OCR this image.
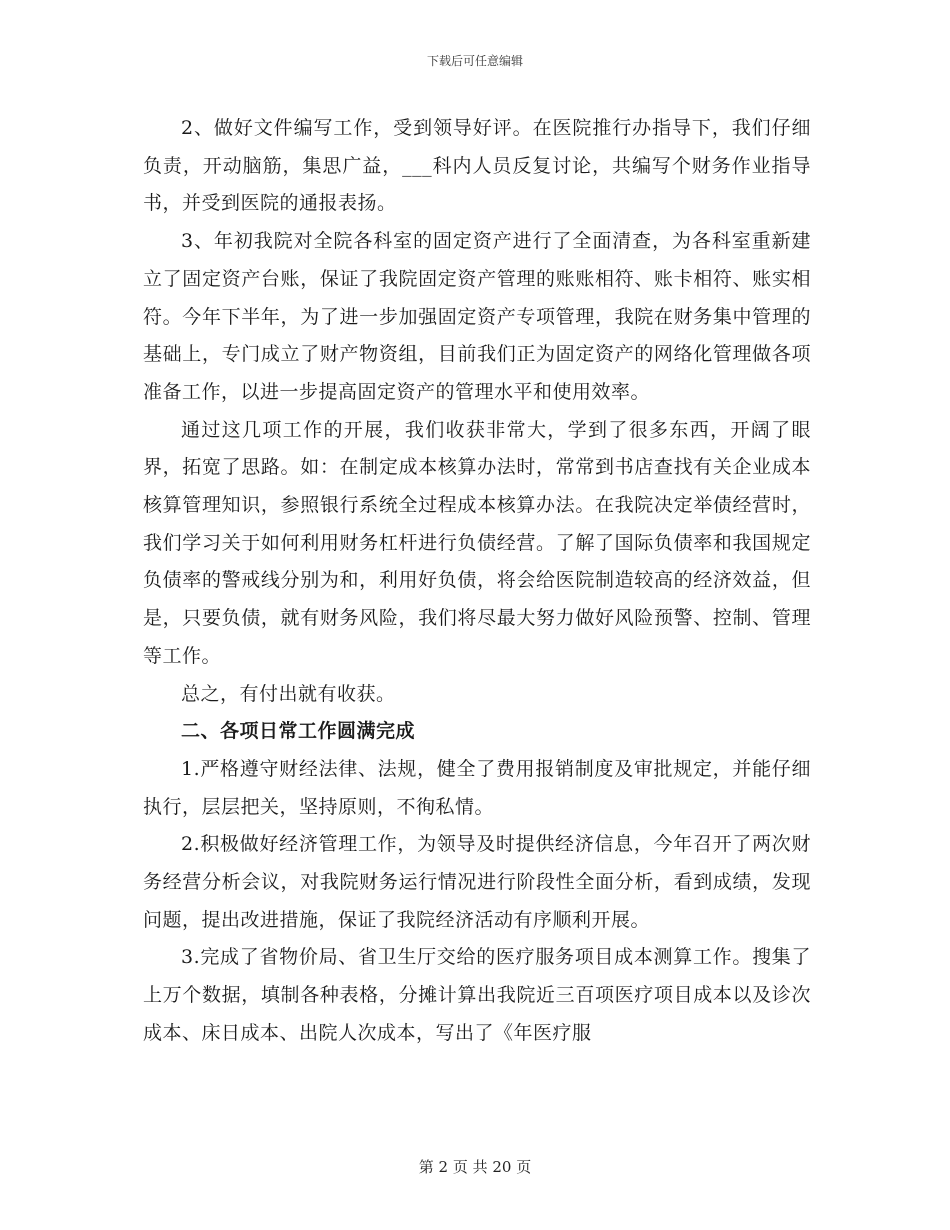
下载后可任意编辑

2、做好文件编写工作，受到领导好评。在医院推行办指导下，我们仔细负责，开动脑筋，集思广益，___科内人员反复讨论，共编写个财务作业指导书，并受到医院的通报表扬。

3、年初我院对全院各科室的固定资产进行了全面清查，为各科室重新建立了固定资产台账，保证了我院固定资产管理的账账相符、账卡相符、账实相符。今年下半年，为了进一步加强固定资产专项管理，我院在财务集中管理的基础上，专门成立了财产物资组，目前我们正为固定资产的网络化管理做各项准备工作，以进一步提高固定资产的管理水平和使用效率。

通过这几项工作的开展，我们收获非常大，学到了很多东西，开阔了眼界，拓宽了思路。如：在制定成本核算办法时，常常到书店查找有关企业成本核算管理知识，参照银行系统全过程成本核算办法。在我院决定举债经营时，我们学习关于如何利用财务杠杆进行负债经营。了解了国际负债率和我国规定负债率的警戒线分别为和，利用好负债，将会给医院制造较高的经济效益，但是，只要负债，就有财务风险，我们将尽最大努力做好风险预警、控制、管理等工作。

总之，有付出就有收获。

二、各项日常工作圆满完成

1.严格遵守财经法律、法规，健全了费用报销制度及审批规定，并能仔细执行，层层把关，坚持原则，不徇私情。

2.积极做好经济管理工作，为领导及时提供经济信息，今年召开了两次财务经营分析会议，对我院财务运行情况进行阶段性全面分析，看到成绩，发现问题，提出改进措施，保证了我院经济活动有序顺利开展。

3.完成了省物价局、省卫生厅交给的医疗服务项目成本测算工作。搜集了上万个数据，填制各种表格，分摊计算出我院近三百项医疗项目成本以及诊次成本、床日成本、出院人次成本，写出了《年医疗服

第 2 页 共 20 页
